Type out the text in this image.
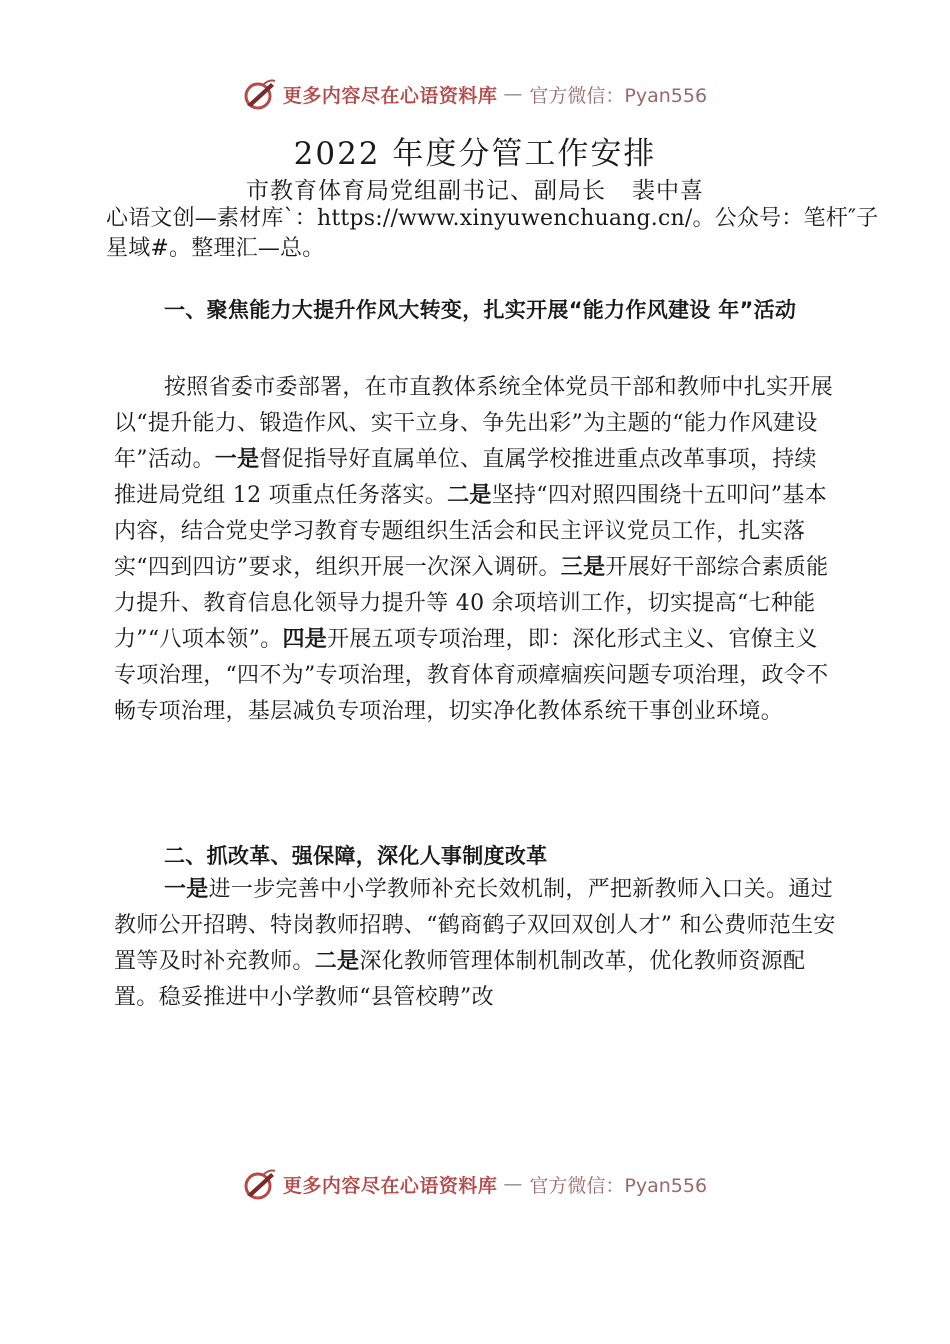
更多内容尽在心语资料库 — 官方微信：Pyan556
2022 年度分管工作安排
市教育体育局党组副书记、副局长 裴中喜
心语文创—素材库`：https://www.xinyuwenchuang.cn/。公众号：笔杆″子星域#。整理汇—总。
一、聚焦能力大提升作风大转变，扎实开展“能力作风建设 年”活动
按照省委市委部署，在市直教体系统全体党员干部和教师中扎实开展以“提升能力、锻造作风、实干立身、争先出彩”为主题的“能力作风建设年”活动。一是督促指导好直属单位、直属学校推进重点改革事项，持续推进局党组 12 项重点任务落实。二是坚持“四对照四围绕十五叩问”基本内容，结合党史学习教育专题组织生活会和民主评议党员工作，扎实落实“四到四访”要求，组织开展一次深入调研。三是开展好干部综合素质能力提升、教育信息化领导力提升等 40 余项培训工作，切实提高“七种能力”“八项本领”。四是开展五项专项治理，即：深化形式主义、官僚主义专项治理，“四不为”专项治理，教育体育顽瘴痼疾问题专项治理，政令不畅专项治理，基层减负专项治理，切实净化教体系统干事创业环境。
二、抓改革、强保障，深化人事制度改革
一是进一步完善中小学教师补充长效机制，严把新教师入口关。通过教师公开招聘、特岗教师招聘、“鹤商鹤子双回双创人才” 和公费师范生安置等及时补充教师。二是深化教师管理体制机制改革，优化教师资源配置。稳妥推进中小学教师“县管校聘”改
更多内容尽在心语资料库 — 官方微信：Pyan556
